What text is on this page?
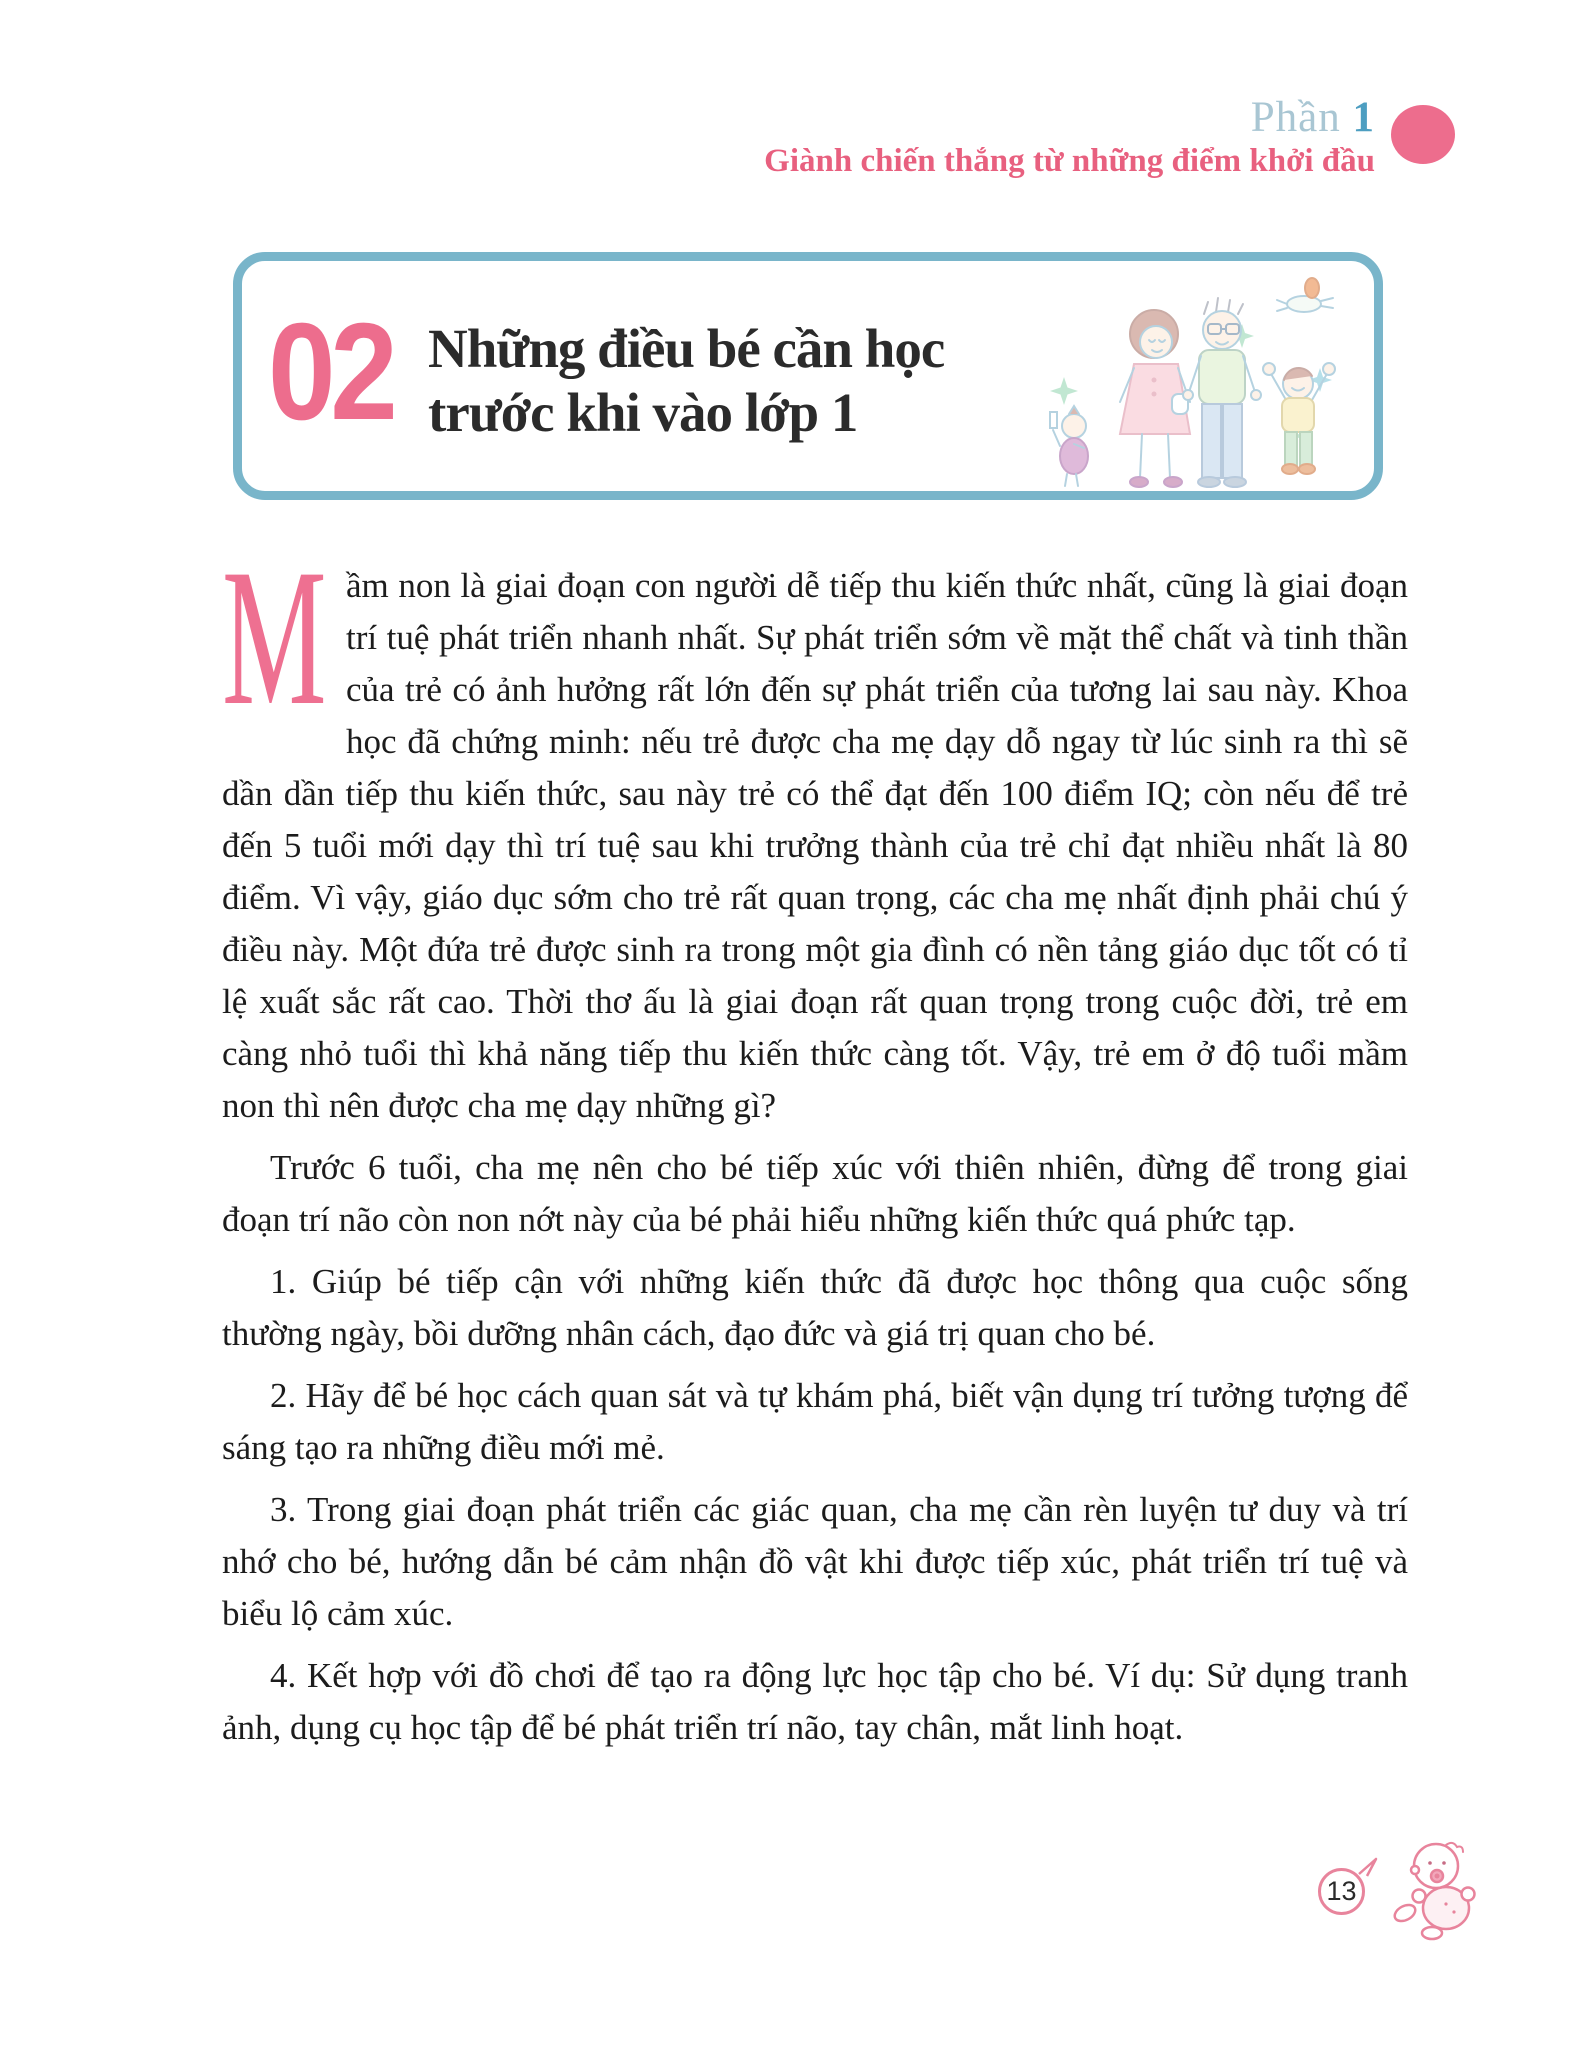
Phần 1
Giành chiến thắng từ những điểm khởi đầu
02 Những điều bé cần học
trước khi vào lớp 1

Mầm non là giai đoạn con người dễ tiếp thu kiến thức nhất, cũng là giai đoạn trí tuệ phát triển nhanh nhất. Sự phát triển sớm về mặt thể chất và tinh thần của trẻ có ảnh hưởng rất lớn đến sự phát triển của tương lai sau này. Khoa học đã chứng minh: nếu trẻ được cha mẹ dạy dỗ ngay từ lúc sinh ra thì sẽ dần dần tiếp thu kiến thức, sau này trẻ có thể đạt đến 100 điểm IQ; còn nếu để trẻ đến 5 tuổi mới dạy thì trí tuệ sau khi trưởng thành của trẻ chỉ đạt nhiều nhất là 80 điểm. Vì vậy, giáo dục sớm cho trẻ rất quan trọng, các cha mẹ nhất định phải chú ý điều này. Một đứa trẻ được sinh ra trong một gia đình có nền tảng giáo dục tốt có tỉ lệ xuất sắc rất cao. Thời thơ ấu là giai đoạn rất quan trọng trong cuộc đời, trẻ em càng nhỏ tuổi thì khả năng tiếp thu kiến thức càng tốt. Vậy, trẻ em ở độ tuổi mầm non thì nên được cha mẹ dạy những gì?

Trước 6 tuổi, cha mẹ nên cho bé tiếp xúc với thiên nhiên, đừng để trong giai đoạn trí não còn non nớt này của bé phải hiểu những kiến thức quá phức tạp.

1. Giúp bé tiếp cận với những kiến thức đã được học thông qua cuộc sống thường ngày, bồi dưỡng nhân cách, đạo đức và giá trị quan cho bé.

2. Hãy để bé học cách quan sát và tự khám phá, biết vận dụng trí tưởng tượng để sáng tạo ra những điều mới mẻ.

3. Trong giai đoạn phát triển các giác quan, cha mẹ cần rèn luyện tư duy và trí nhớ cho bé, hướng dẫn bé cảm nhận đồ vật khi được tiếp xúc, phát triển trí tuệ và biểu lộ cảm xúc.

4. Kết hợp với đồ chơi để tạo ra động lực học tập cho bé. Ví dụ: Sử dụng tranh ảnh, dụng cụ học tập để bé phát triển trí não, tay chân, mắt linh hoạt.

13
